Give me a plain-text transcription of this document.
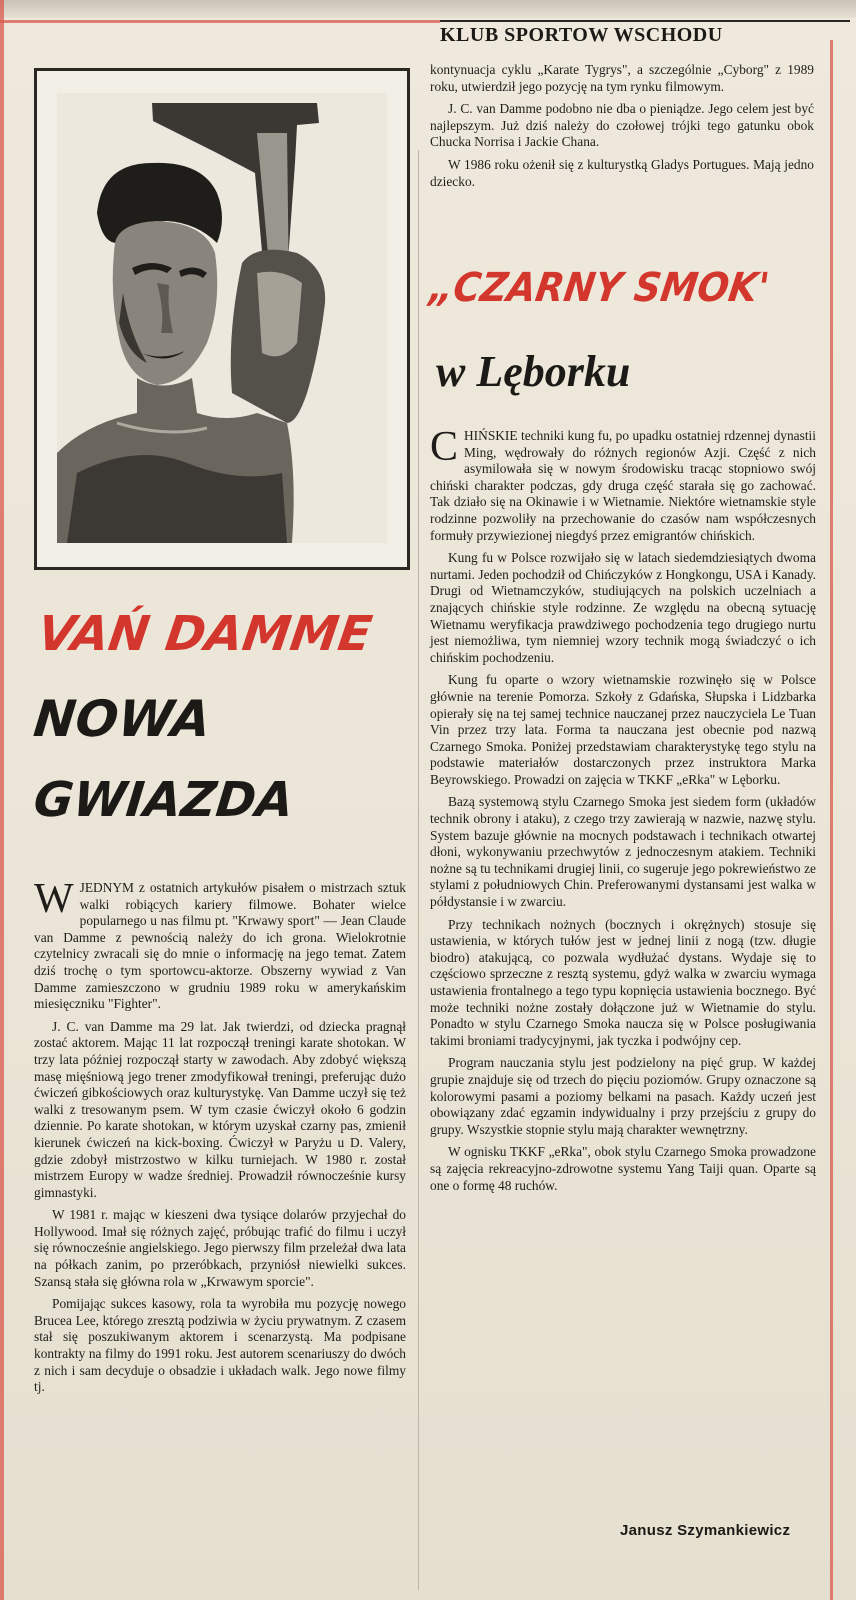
KLUB SPORTOW WSCHODU
VAŃ DAMME
NOWA
GWIAZDA

WJEDNYM z ostatnich artykułów pisałem o mistrzach sztuk walki robiących kariery filmowe. Bohater wielce popularnego u nas filmu pt. "Krwawy sport" — Jean Claude van Damme z pewnością należy do ich grona. Wielokrotnie czytelnicy zwracali się do mnie o informację na jego temat. Zatem dziś trochę o tym sportowcu-aktorze. Obszerny wywiad z Van Damme zamieszczono w grudniu 1989 roku w amerykańskim miesięczniku "Fighter".

J. C. van Damme ma 29 lat. Jak twierdzi, od dziecka pragnął zostać aktorem. Mając 11 lat rozpoczął treningi karate shotokan. W trzy lata później rozpoczął starty w zawodach. Aby zdobyć większą masę mięśniową jego trener zmodyfikował treningi, preferując dużo ćwiczeń gibkościowych oraz kulturystykę. Van Damme uczył się też walki z tresowanym psem. W tym czasie ćwiczył około 6 godzin dziennie. Po karate shotokan, w którym uzyskał czarny pas, zmienił kierunek ćwiczeń na kick-boxing. Ćwiczył w Paryżu u D. Valery, gdzie zdobył mistrzostwo w kilku turniejach. W 1980 r. został mistrzem Europy w wadze średniej. Prowadził równocześnie kursy gimnastyki.

W 1981 r. mając w kieszeni dwa tysiące dolarów przyjechał do Hollywood. Imał się różnych zajęć, próbując trafić do filmu i uczył się równocześnie angielskiego. Jego pierwszy film przeleżał dwa lata na półkach zanim, po przeróbkach, przyniósł niewielki sukces. Szansą stała się główna rola w „Krwawym sporcie".

Pomijając sukces kasowy, rola ta wyrobiła mu pozycję nowego Brucea Lee, którego zresztą podziwia w życiu prywatnym. Z czasem stał się poszukiwanym aktorem i scenarzystą. Ma podpisane kontrakty na filmy do 1991 roku. Jest autorem scenariuszy do dwóch z nich i sam decyduje o obsadzie i układach walk. Jego nowe filmy tj.

kontynuacja cyklu „Karate Tygrys", a szczególnie „Cyborg" z 1989 roku, utwierdził jego pozycję na tym rynku filmowym.

J. C. van Damme podobno nie dba o pieniądze. Jego celem jest być najlepszym. Już dziś należy do czołowej trójki tego gatunku obok Chucka Norrisa i Jackie Chana.

W 1986 roku ożenił się z kulturystką Gladys Portugues. Mają jedno dziecko.

„CZARNY SMOK'
w Lęborku

CHIŃSKIE techniki kung fu, po upadku ostatniej rdzennej dynastii Ming, wędrowały do różnych regionów Azji. Część z nich asymilowała się w nowym środowisku tracąc stopniowo swój chiński charakter podczas, gdy druga część starała się go zachować. Tak działo się na Okinawie i w Wietnamie. Niektóre wietnamskie style rodzinne pozwoliły na przechowanie do czasów nam współczesnych formuły przywiezionej niegdyś przez emigrantów chińskich.

Kung fu w Polsce rozwijało się w latach siedemdziesiątych dwoma nurtami. Jeden pochodził od Chińczyków z Hongkongu, USA i Kanady. Drugi od Wietnamczyków, studiujących na polskich uczelniach a znających chińskie style rodzinne. Ze względu na obecną sytuację Wietnamu weryfikacja prawdziwego pochodzenia tego drugiego nurtu jest niemożliwa, tym niemniej wzory technik mogą świadczyć o ich chińskim pochodzeniu.

Kung fu oparte o wzory wietnamskie rozwinęło się w Polsce głównie na terenie Pomorza. Szkoły z Gdańska, Słupska i Lidzbarka opierały się na tej samej technice nauczanej przez nauczyciela Le Tuan Vin przez trzy lata. Forma ta nauczana jest obecnie pod nazwą Czarnego Smoka. Poniżej przedstawiam charakterystykę tego stylu na podstawie materiałów dostarczonych przez instruktora Marka Beyrowskiego. Prowadzi on zajęcia w TKKF „eRka" w Lęborku.

Bazą systemową stylu Czarnego Smoka jest siedem form (układów technik obrony i ataku), z czego trzy zawierają w nazwie, nazwę stylu. System bazuje głównie na mocnych podstawach i technikach otwartej dłoni, wykonywaniu przechwytów z jednoczesnym atakiem. Techniki nożne są tu technikami drugiej linii, co sugeruje jego pokrewieństwo ze stylami z południowych Chin. Preferowanymi dystansami jest walka w półdystansie i w zwarciu.

Przy technikach nożnych (bocznych i okrężnych) stosuje się ustawienia, w których tułów jest w jednej linii z nogą (tzw. długie biodro) atakującą, co pozwala wydłużać dystans. Wydaje się to częściowo sprzeczne z resztą systemu, gdyż walka w zwarciu wymaga ustawienia frontalnego a tego typu kopnięcia ustawienia bocznego. Być może techniki nożne zostały dołączone już w Wietnamie do stylu. Ponadto w stylu Czarnego Smoka naucza się w Polsce posługiwania takimi broniami tradycyjnymi, jak tyczka i podwójny cep.

Program nauczania stylu jest podzielony na pięć grup. W każdej grupie znajduje się od trzech do pięciu poziomów. Grupy oznaczone są kolorowymi pasami a poziomy belkami na pasach. Każdy uczeń jest obowiązany zdać egzamin indywidualny i przy przejściu z grupy do grupy. Wszystkie stopnie stylu mają charakter wewnętrzny.

W ognisku TKKF „eRka", obok stylu Czarnego Smoka prowadzone są zajęcia rekreacyjno-zdrowotne systemu Yang Taiji quan. Oparte są one o formę 48 ruchów.

Janusz Szymankiewicz
